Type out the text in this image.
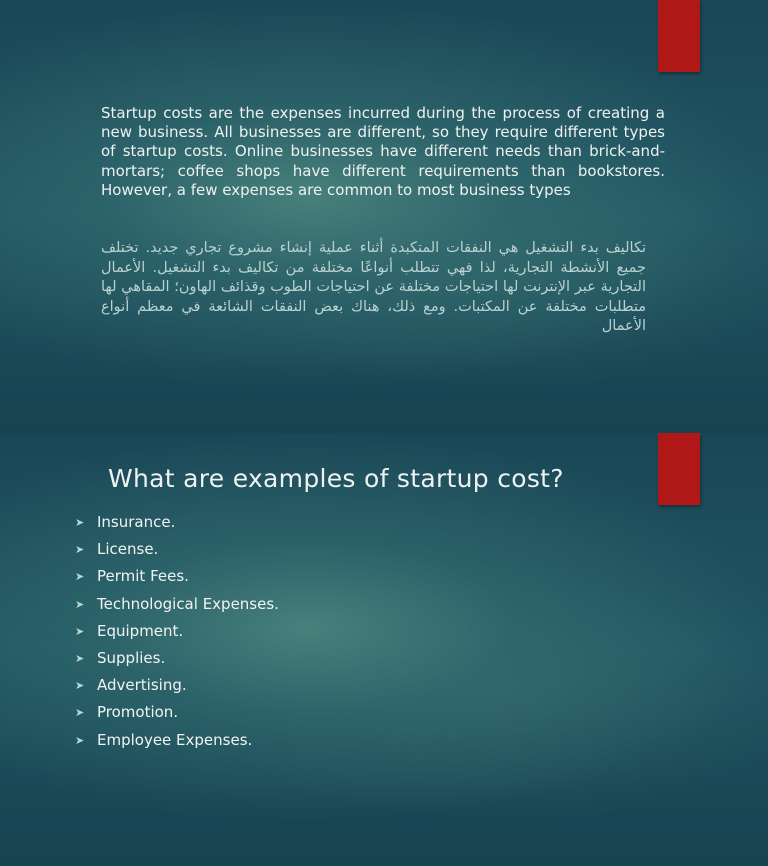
Startup costs are the expenses incurred during the process of creating a new business. All businesses are different, so they require different types of startup costs. Online businesses have different needs than brick-and-mortars; coffee shops have different requirements than bookstores. However, a few expenses are common to most business types

تكاليف بدء التشغيل هي النفقات المتكبدة أثناء عملية إنشاء مشروع تجاري جديد. تختلف جميع الأنشطة التجارية، لذا فهي تتطلب أنواعًا مختلفة من تكاليف بدء التشغيل. الأعمال التجارية عبر الإنترنت لها احتياجات مختلفة عن احتياجات الطوب وقذائف الهاون؛ المقاهي لها متطلبات مختلفة عن المكتبات. ومع ذلك، هناك بعض النفقات الشائعة في معظم أنواع الأعمال

What are examples of startup cost?
➤ Insurance.
➤ License.
➤ Permit Fees.
➤ Technological Expenses.
➤ Equipment.
➤ Supplies.
➤ Advertising.
➤ Promotion.
➤ Employee Expenses.
